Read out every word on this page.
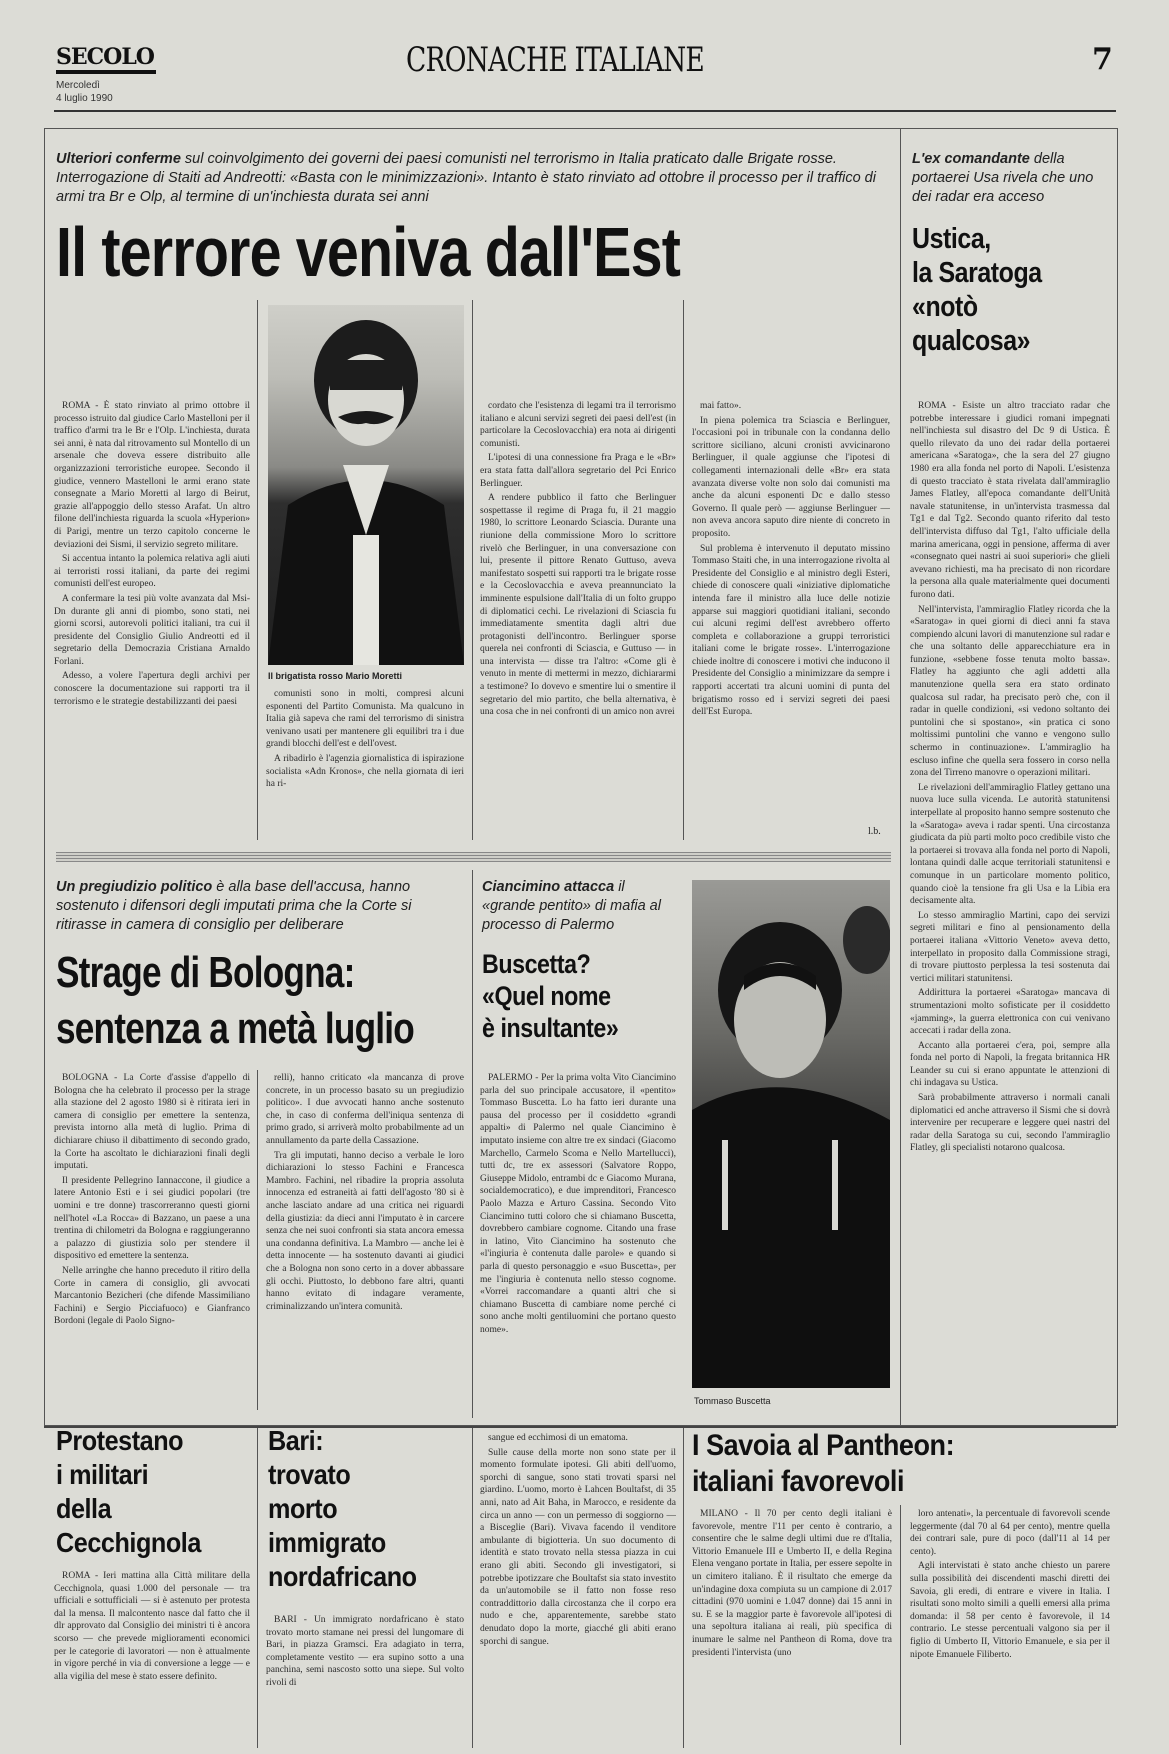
SECOLO
Mercoledì
4 luglio 1990
CRONACHE ITALIANE	7
Ulteriori conferme sul coinvolgimento dei governi dei paesi comunisti nel terrorismo in Italia praticato dalle Brigate rosse. Interrogazione di Staiti ad Andreotti: «Basta con le minimizzazioni». Intanto è stato rinviato ad ottobre il processo per il traffico di armi tra Br e Olp, al termine di un'inchiesta durata sei anni
Il terrore veniva dall'Est
Il brigatista rosso Mario Moretti

ROMA - È stato rinviato al primo ottobre il processo istruito dal giudice Carlo Mastelloni per il traffico d'armi tra le Br e l'Olp. L'inchiesta, durata sei anni, è nata dal ritrovamento sul Montello di un arsenale che doveva essere distribuito alle organizzazioni terroristiche europee. Secondo il giudice, vennero Mastelloni le armi erano state consegnate a Mario Moretti al largo di Beirut, grazie all'appoggio dello stesso Arafat. Un altro filone dell'inchiesta riguarda la scuola «Hyperion» di Parigi, mentre un terzo capitolo concerne le deviazioni dei Sismi, il servizio segreto militare.

Si accentua intanto la polemica relativa agli aiuti ai terroristi rossi italiani, da parte dei regimi comunisti dell'est europeo.

A confermare la tesi più volte avanzata dal Msi-Dn durante gli anni di piombo, sono stati, nei giorni scorsi, autorevoli politici italiani, tra cui il presidente del Consiglio Giulio Andreotti ed il segretario della Democrazia Cristiana Arnaldo Forlani.

Adesso, a volere l'apertura degli archivi per conoscere la documentazione sui rapporti tra il terrorismo e le strategie destabilizzanti dei paesi

comunisti sono in molti, compresi alcuni esponenti del Partito Comunista. Ma qualcuno in Italia già sapeva che rami del terrorismo di sinistra venivano usati per mantenere gli equilibri tra i due grandi blocchi dell'est e dell'ovest.

A ribadirlo è l'agenzia giornalistica di ispirazione socialista «Adn Kronos», che nella giornata di ieri ha ri-

cordato che l'esistenza di legami tra il terrorismo italiano e alcuni servizi segreti dei paesi dell'est (in particolare la Cecoslovacchia) era nota ai dirigenti comunisti.

L'ipotesi di una connessione fra Praga e le «Br» era stata fatta dall'allora segretario del Pci Enrico Berlinguer.

A rendere pubblico il fatto che Berlinguer sospettasse il regime di Praga fu, il 21 maggio 1980, lo scrittore Leonardo Sciascia. Durante una riunione della commissione Moro lo scrittore rivelò che Berlinguer, in una conversazione con lui, presente il pittore Renato Guttuso, aveva manifestato sospetti sui rapporti tra le brigate rosse e la Cecoslovacchia e aveva preannunciato la imminente espulsione dall'Italia di un folto gruppo di diplomatici cechi. Le rivelazioni di Sciascia fu immediatamente smentita dagli altri due protagonisti dell'incontro. Berlinguer sporse querela nei confronti di Sciascia, e Guttuso — in una intervista — disse tra l'altro: «Come gli è venuto in mente di mettermi in mezzo, dichiararmi a testimone? Io dovevo e smentire lui o smentire il segretario del mio partito, che bella alternativa, è una cosa che in nei confronti di un amico non avrei

mai fatto».

In piena polemica tra Sciascia e Berlinguer, l'occasioni poi in tribunale con la condanna dello scrittore siciliano, alcuni cronisti avvicinarono Berlinguer, il quale aggiunse che l'ipotesi di collegamenti internazionali delle «Br» era stata avanzata diverse volte non solo dai comunisti ma anche da alcuni esponenti Dc e dallo stesso Governo. Il quale però — aggiunse Berlinguer — non aveva ancora saputo dire niente di concreto in proposito.

Sul problema è intervenuto il deputato missino Tommaso Staiti che, in una interrogazione rivolta al Presidente del Consiglio e al ministro degli Esteri, chiede di conoscere quali «iniziative diplomatiche intenda fare il ministro alla luce delle notizie apparse sui maggiori quotidiani italiani, secondo cui alcuni regimi dell'est avrebbero offerto completa e collaborazione a gruppi terroristici italiani come le brigate rosse». L'interrogazione chiede inoltre di conoscere i motivi che inducono il Presidente del Consiglio a minimizzare da sempre i rapporti accertati tra alcuni uomini di punta del brigatismo rosso ed i servizi segreti dei paesi dell'Est Europa.

l.b.
L'ex comandante della portaerei Usa rivela che uno dei radar era acceso
Ustica,
la Saratoga
«notò
qualcosa»

ROMA - Esiste un altro tracciato radar che potrebbe interessare i giudici romani impegnati nell'inchiesta sul disastro del Dc 9 di Ustica. È quello rilevato da uno dei radar della portaerei americana «Saratoga», che la sera del 27 giugno 1980 era alla fonda nel porto di Napoli. L'esistenza di questo tracciato è stata rivelata dall'ammiraglio James Flatley, all'epoca comandante dell'Unità navale statunitense, in un'intervista trasmessa dal Tg1 e dal Tg2. Secondo quanto riferito dal testo dell'intervista diffuso dal Tg1, l'alto ufficiale della marina americana, oggi in pensione, afferma di aver «consegnato quei nastri ai suoi superiori» che glieli avevano richiesti, ma ha precisato di non ricordare la persona alla quale materialmente quei documenti furono dati.

Nell'intervista, l'ammiraglio Flatley ricorda che la «Saratoga» in quei giorni di dieci anni fa stava compiendo alcuni lavori di manutenzione sul radar e che una soltanto delle apparecchiature era in funzione, «sebbene fosse tenuta molto bassa». Flatley ha aggiunto che agli addetti alla manutenzione quella sera era stato ordinato qualcosa sul radar, ha precisato però che, con il radar in quelle condizioni, «si vedono soltanto dei puntolini che si spostano», «in pratica ci sono moltissimi puntolini che vanno e vengono sullo schermo in continuazione». L'ammiraglio ha escluso infine che quella sera fossero in corso nella zona del Tirreno manovre o operazioni militari.

Le rivelazioni dell'ammiraglio Flatley gettano una nuova luce sulla vicenda. Le autorità statunitensi interpellate al proposito hanno sempre sostenuto che la «Saratoga» aveva i radar spenti. Una circostanza giudicata da più parti molto poco credibile visto che la portaerei si trovava alla fonda nel porto di Napoli, lontana quindi dalle acque territoriali statunitensi e comunque in un particolare momento politico, quando cioè la tensione fra gli Usa e la Libia era decisamente alta.

Lo stesso ammiraglio Martini, capo dei servizi segreti militari e fino al pensionamento della portaerei italiana «Vittorio Veneto» aveva detto, interpellato in proposito dalla Commissione stragi, di trovare piuttosto perplessa la tesi sostenuta dai vertici militari statunitensi.

Addirittura la portaerei «Saratoga» mancava di strumentazioni molto sofisticate per il cosiddetto «jamming», la guerra elettronica con cui venivano accecati i radar della zona.

Accanto alla portaerei c'era, poi, sempre alla fonda nel porto di Napoli, la fregata britannica HR Leander su cui si erano appuntate le attenzioni di chi indagava su Ustica.

Sarà probabilmente attraverso i normali canali diplomatici ed anche attraverso il Sismi che si dovrà intervenire per recuperare e leggere quei nastri del radar della Saratoga su cui, secondo l'ammiraglio Flatley, gli specialisti notarono qualcosa.

Un pregiudizio politico è alla base dell'accusa, hanno sostenuto i difensori degli imputati prima che la Corte si ritirasse in camera di consiglio per deliberare
Strage di Bologna:
sentenza a metà luglio

BOLOGNA - La Corte d'assise d'appello di Bologna che ha celebrato il processo per la strage alla stazione del 2 agosto 1980 si è ritirata ieri in camera di consiglio per emettere la sentenza, prevista intorno alla metà di luglio. Prima di dichiarare chiuso il dibattimento di secondo grado, la Corte ha ascoltato le dichiarazioni finali degli imputati.

Il presidente Pellegrino Iannaccone, il giudice a latere Antonio Esti e i sei giudici popolari (tre uomini e tre donne) trascorreranno questi giorni nell'hotel «La Rocca» di Bazzano, un paese a una trentina di chilometri da Bologna e raggiungeranno a palazzo di giustizia solo per stendere il dispositivo ed emettere la sentenza.

Nelle arringhe che hanno preceduto il ritiro della Corte in camera di consiglio, gli avvocati Marcantonio Bezicheri (che difende Massimiliano Fachini) e Sergio Picciafuoco) e Gianfranco Bordoni (legale di Paolo Signo-

relli), hanno criticato «la mancanza di prove concrete, in un processo basato su un pregiudizio politico». I due avvocati hanno anche sostenuto che, in caso di conferma dell'iniqua sentenza di primo grado, si arriverà molto probabilmente ad un annullamento da parte della Cassazione.

Tra gli imputati, hanno deciso a verbale le loro dichiarazioni lo stesso Fachini e Francesca Mambro. Fachini, nel ribadire la propria assoluta innocenza ed estraneità ai fatti dell'agosto '80 si è anche lasciato andare ad una critica nei riguardi della giustizia: da dieci anni l'imputato è in carcere senza che nei suoi confronti sia stata ancora emessa una condanna definitiva. La Mambro — anche lei è detta innocente — ha sostenuto davanti ai giudici che a Bologna non sono certo in a dover abbassare gli occhi. Piuttosto, lo debbono fare altri, quanti hanno evitato di indagare veramente, criminalizzando un'intera comunità.

Ciancimino attacca il «grande pentito» di mafia al processo di Palermo
Buscetta?
«Quel nome
è insultante»

PALERMO - Per la prima volta Vito Ciancimino parla del suo principale accusatore, il «pentito» Tommaso Buscetta. Lo ha fatto ieri durante una pausa del processo per il cosiddetto «grandi appalti» di Palermo nel quale Ciancimino è imputato insieme con altre tre ex sindaci (Giacomo Marchello, Carmelo Scoma e Nello Martellucci), tutti dc, tre ex assessori (Salvatore Roppo, Giuseppe Midolo, entrambi dc e Giacomo Murana, socialdemocratico), e due imprenditori, Francesco Paolo Mazza e Arturo Cassina. Secondo Vito Ciancimino tutti coloro che si chiamano Buscetta, dovrebbero cambiare cognome. Citando una frase in latino, Vito Ciancimino ha sostenuto che «l'ingiuria è contenuta dalle parole» e quando si parla di questo personaggio e «suo Buscetta», per me l'ingiuria è contenuta nello stesso cognome. «Vorrei raccomandare a quanti altri che si chiamano Buscetta di cambiare nome perché ci sono anche molti gentiluomini che portano questo nome».

Tommaso Buscetta
Protestano
i militari
della
Cecchignola

ROMA - Ieri mattina alla Città militare della Cecchignola, quasi 1.000 del personale — tra ufficiali e sottufficiali — si è astenuto per protesta dal la mensa. Il malcontento nasce dal fatto che il dlr approvato dal Consiglio dei ministri ti è ancora scorso — che prevede miglioramenti economici per le categorie di lavoratori — non è attualmente in vigore perché in via di conversione a legge — e alla vigilia del mese è stato essere definito.

Bari:
trovato
morto
immigrato
nordafricano

BARI - Un immigrato nordafricano è stato trovato morto stamane nei pressi del lungomare di Bari, in piazza Gramsci. Era adagiato in terra, completamente vestito — era supino sotto a una panchina, semi nascosto sotto una siepe. Sul volto rivoli di

sangue ed ecchimosi di un ematoma.

Sulle cause della morte non sono state per il momento formulate ipotesi. Gli abiti dell'uomo, sporchi di sangue, sono stati trovati sparsi nel giardino. L'uomo, morto è Lahcen Boultafst, di 35 anni, nato ad Ait Baha, in Marocco, e residente da circa un anno — con un permesso di soggiorno — a Bisceglie (Bari). Vivava facendo il venditore ambulante di bigiotteria. Un suo documento di identità e stato trovato nella stessa piazza in cui erano gli abiti. Secondo gli investigatori, si potrebbe ipotizzare che Boultafst sia stato investito da un'automobile se il fatto non fosse reso contraddittorio dalla circostanza che il corpo era nudo e che, apparentemente, sarebbe stato denudato dopo la morte, giacché gli abiti erano sporchi di sangue.

I Savoia al Pantheon:
italiani favorevoli

MILANO - Il 70 per cento degli italiani è favorevole, mentre l'11 per cento è contrario, a consentire che le salme degli ultimi due re d'Italia, Vittorio Emanuele III e Umberto II, e della Regina Elena vengano portate in Italia, per essere sepolte in un cimitero italiano. È il risultato che emerge da un'indagine doxa compiuta su un campione di 2.017 cittadini (970 uomini e 1.047 donne) dai 15 anni in su. E se la maggior parte è favorevole all'ipotesi di una sepoltura italiana ai reali, più specifica di inumare le salme nel Pantheon di Roma, dove tra presidenti l'intervista (uno

loro antenati», la percentuale di favorevoli scende leggermente (dal 70 al 64 per cento), mentre quella dei contrari sale, pure di poco (dall'11 al 14 per cento).

Agli intervistati è stato anche chiesto un parere sulla possibilità dei discendenti maschi diretti dei Savoia, gli eredi, di entrare e vivere in Italia. I risultati sono molto simili a quelli emersi alla prima domanda: il 58 per cento è favorevole, il 14 contrario. Le stesse percentuali valgono sia per il figlio di Umberto II, Vittorio Emanuele, e sia per il nipote Emanuele Filiberto.
